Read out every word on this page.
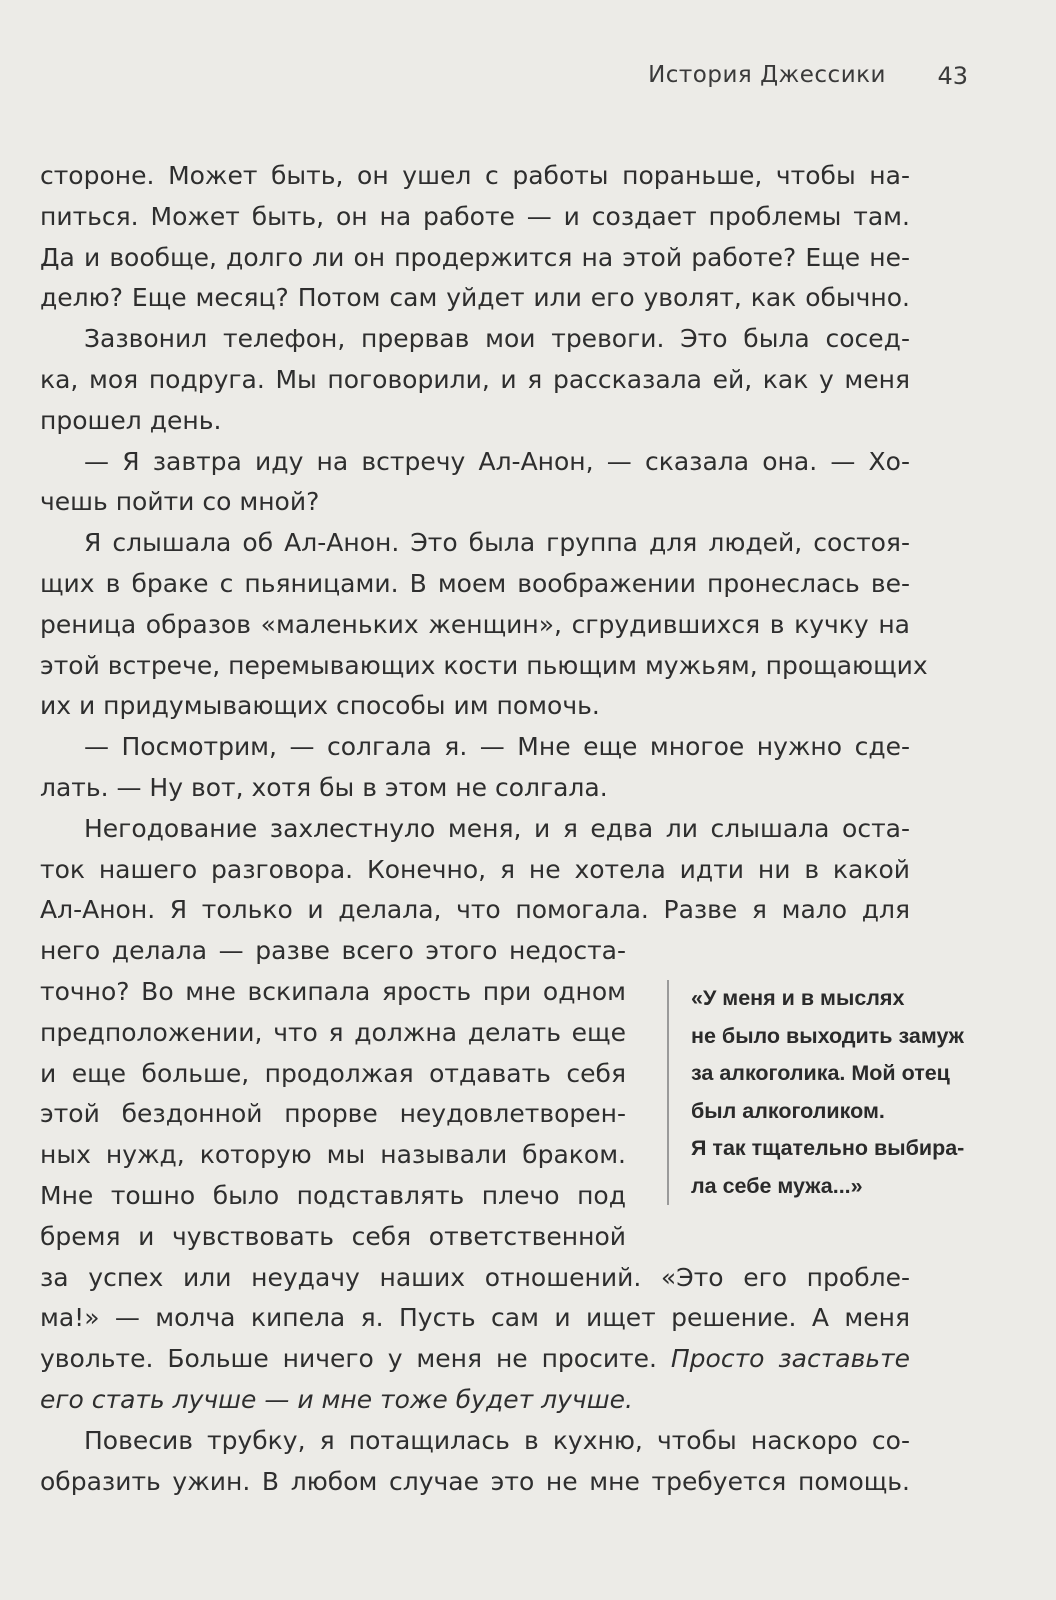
История Джессики 43
стороне. Может быть, он ушел с работы пораньше, чтобы на-
питься. Может быть, он на работе — и создает проблемы там.
Да и вообще, долго ли он продержится на этой работе? Еще не-
делю? Еще месяц? Потом сам уйдет или его уволят, как обычно.
Зазвонил телефон, прервав мои тревоги. Это была сосед-
ка, моя подруга. Мы поговорили, и я рассказала ей, как у меня
прошел день.
— Я завтра иду на встречу Ал-Анон, — сказала она. — Хо-
чешь пойти со мной?
Я слышала об Ал-Анон. Это была группа для людей, состоя-
щих в браке с пьяницами. В моем воображении пронеслась ве-
реница образов «маленьких женщин», сгрудившихся в кучку на
этой встрече, перемывающих кости пьющим мужьям, прощающих
их и придумывающих способы им помочь.
— Посмотрим, — солгала я. — Мне еще многое нужно сде-
лать. — Ну вот, хотя бы в этом не солгала.
Негодование захлестнуло меня, и я едва ли слышала оста-
ток нашего разговора. Конечно, я не хотела идти ни в какой
Ал-Анон. Я только и делала, что помогала. Разве я мало для
него делала — разве всего этого недоста-
точно? Во мне вскипала ярость при одном
предположении, что я должна делать еще
и еще больше, продолжая отдавать себя
этой бездонной прорве неудовлетворен-
ных нужд, которую мы называли браком.
Мне тошно было подставлять плечо под
бремя и чувствовать себя ответственной
за успех или неудачу наших отношений. «Это его пробле-
ма!» — молча кипела я. Пусть сам и ищет решение. А меня
увольте. Больше ничего у меня не просите. Просто заставьте
его стать лучше — и мне тоже будет лучше.
Повесив трубку, я потащилась в кухню, чтобы наскоро со-
образить ужин. В любом случае это не мне требуется помощь.
«У меня и в мыслях
не было выходить замуж
за алкоголика. Мой отец
был алкоголиком.
Я так тщательно выбира-
ла себе мужа...»
